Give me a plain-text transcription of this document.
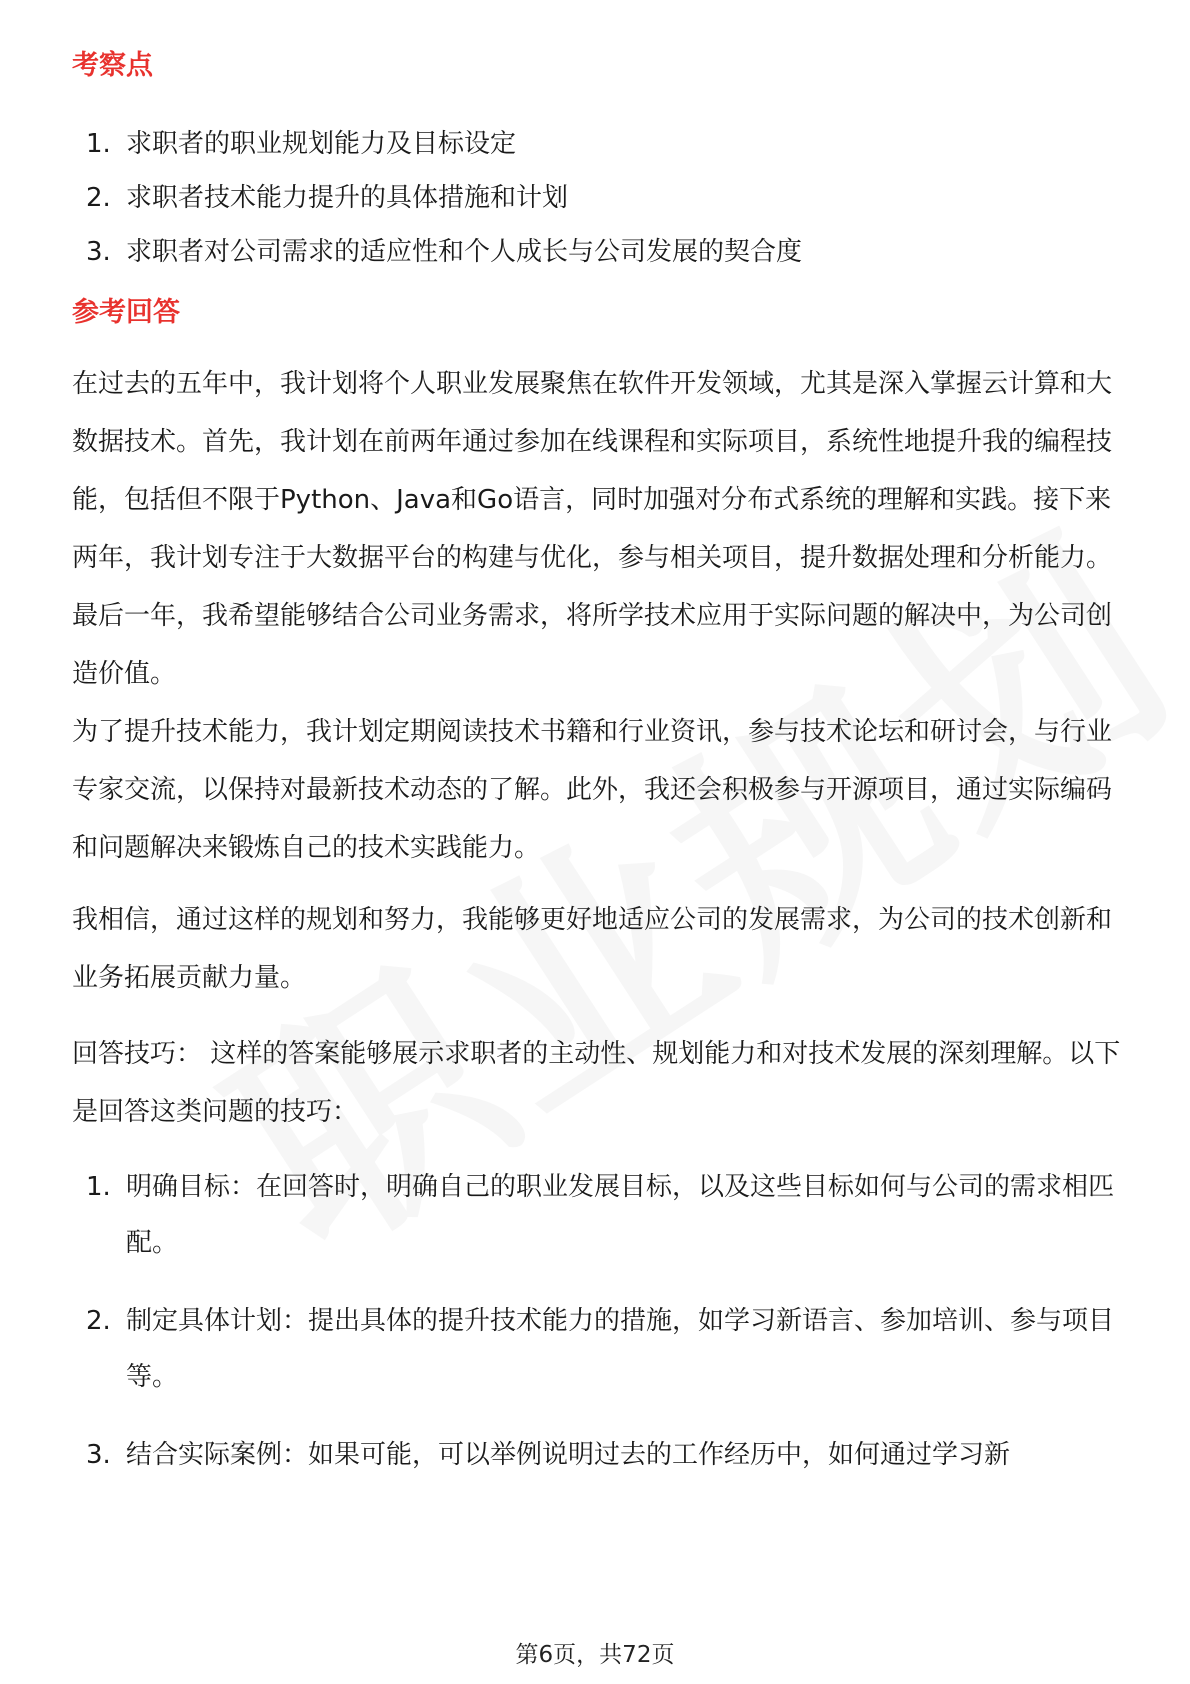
考察点
1. 求职者的职业规划能力及目标设定
2. 求职者技术能力提升的具体措施和计划
3. 求职者对公司需求的适应性和个人成长与公司发展的契合度
参考回答

在过去的五年中，我计划将个人职业发展聚焦在软件开发领域，尤其是深入掌握云计算和大数据技术。首先，我计划在前两年通过参加在线课程和实际项目，系统性地提升我的编程技能，包括但不限于Python、Java和Go语言，同时加强对分布式系统的理解和实践。接下来两年，我计划专注于大数据平台的构建与优化，参与相关项目，提升数据处理和分析能力。最后一年，我希望能够结合公司业务需求，将所学技术应用于实际问题的解决中，为公司创造价值。

为了提升技术能力，我计划定期阅读技术书籍和行业资讯，参与技术论坛和研讨会，与行业专家交流，以保持对最新技术动态的了解。此外，我还会积极参与开源项目，通过实际编码和问题解决来锻炼自己的技术实践能力。

我相信，通过这样的规划和努力，我能够更好地适应公司的发展需求，为公司的技术创新和业务拓展贡献力量。

回答技巧： 这样的答案能够展示求职者的主动性、规划能力和对技术发展的深刻理解。以下是回答这类问题的技巧：

1. 明确目标：在回答时，明确自己的职业发展目标，以及这些目标如何与公司的需求相匹配。
2. 制定具体计划：提出具体的提升技术能力的措施，如学习新语言、参加培训、参与项目等。
3. 结合实际案例：如果可能，可以举例说明过去的工作经历中，如何通过学习新
第6页，共72页
